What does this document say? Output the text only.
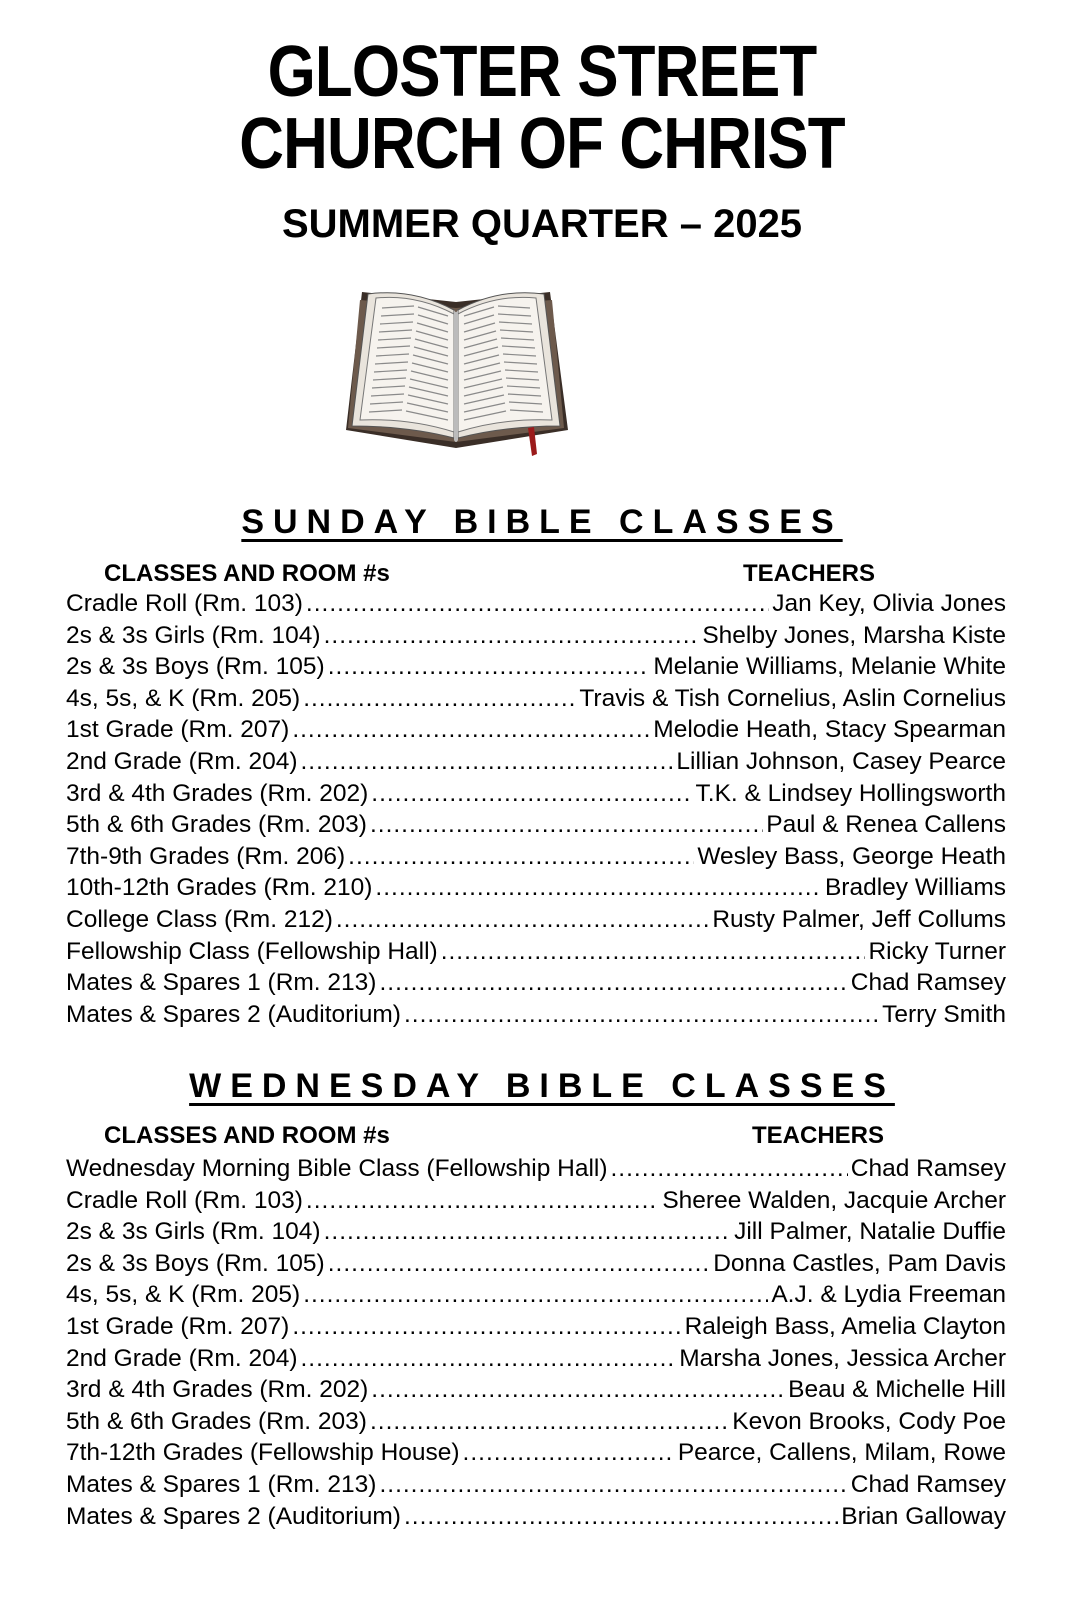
GLOSTER STREET
CHURCH OF CHRIST
SUMMER QUARTER – 2025
SUNDAY BIBLE CLASSES
CLASSES AND ROOM #s	TEACHERS
Cradle Roll (Rm. 103) .....	Jan Key, Olivia Jones
2s & 3s Girls (Rm. 104) .....	Shelby Jones, Marsha Kiste
2s & 3s Boys (Rm. 105) .....	Melanie Williams, Melanie White
4s, 5s, & K (Rm. 205) .....	Travis & Tish Cornelius, Aslin Cornelius
1st Grade (Rm. 207) .....	Melodie Heath, Stacy Spearman
2nd Grade (Rm. 204) .....	Lillian Johnson, Casey Pearce
3rd & 4th Grades (Rm. 202) .....	T.K. & Lindsey Hollingsworth
5th & 6th Grades (Rm. 203) .....	Paul & Renea Callens
7th-9th Grades (Rm. 206) .....	Wesley Bass, George Heath
10th-12th Grades (Rm. 210) .....	Bradley Williams
College Class (Rm. 212) .....	Rusty Palmer, Jeff Collums
Fellowship Class (Fellowship Hall) .....	Ricky Turner
Mates & Spares 1 (Rm. 213) .....	Chad Ramsey
Mates & Spares 2 (Auditorium) .....	Terry Smith
WEDNESDAY BIBLE CLASSES
CLASSES AND ROOM #s	TEACHERS
Wednesday Morning Bible Class (Fellowship Hall) .....	Chad Ramsey
Cradle Roll (Rm. 103) .....	Sheree Walden, Jacquie Archer
2s & 3s Girls (Rm. 104) .....	Jill Palmer, Natalie Duffie
2s & 3s Boys (Rm. 105) .....	Donna Castles, Pam Davis
4s, 5s, & K (Rm. 205) .....	A.J. & Lydia Freeman
1st Grade (Rm. 207) .....	Raleigh Bass, Amelia Clayton
2nd Grade (Rm. 204) .....	Marsha Jones, Jessica Archer
3rd & 4th Grades (Rm. 202) .....	Beau & Michelle Hill
5th & 6th Grades (Rm. 203) .....	Kevon Brooks, Cody Poe
7th-12th Grades (Fellowship House) .....	Pearce, Callens, Milam, Rowe
Mates & Spares 1 (Rm. 213) .....	Chad Ramsey
Mates & Spares 2 (Auditorium) .....	Brian Galloway
